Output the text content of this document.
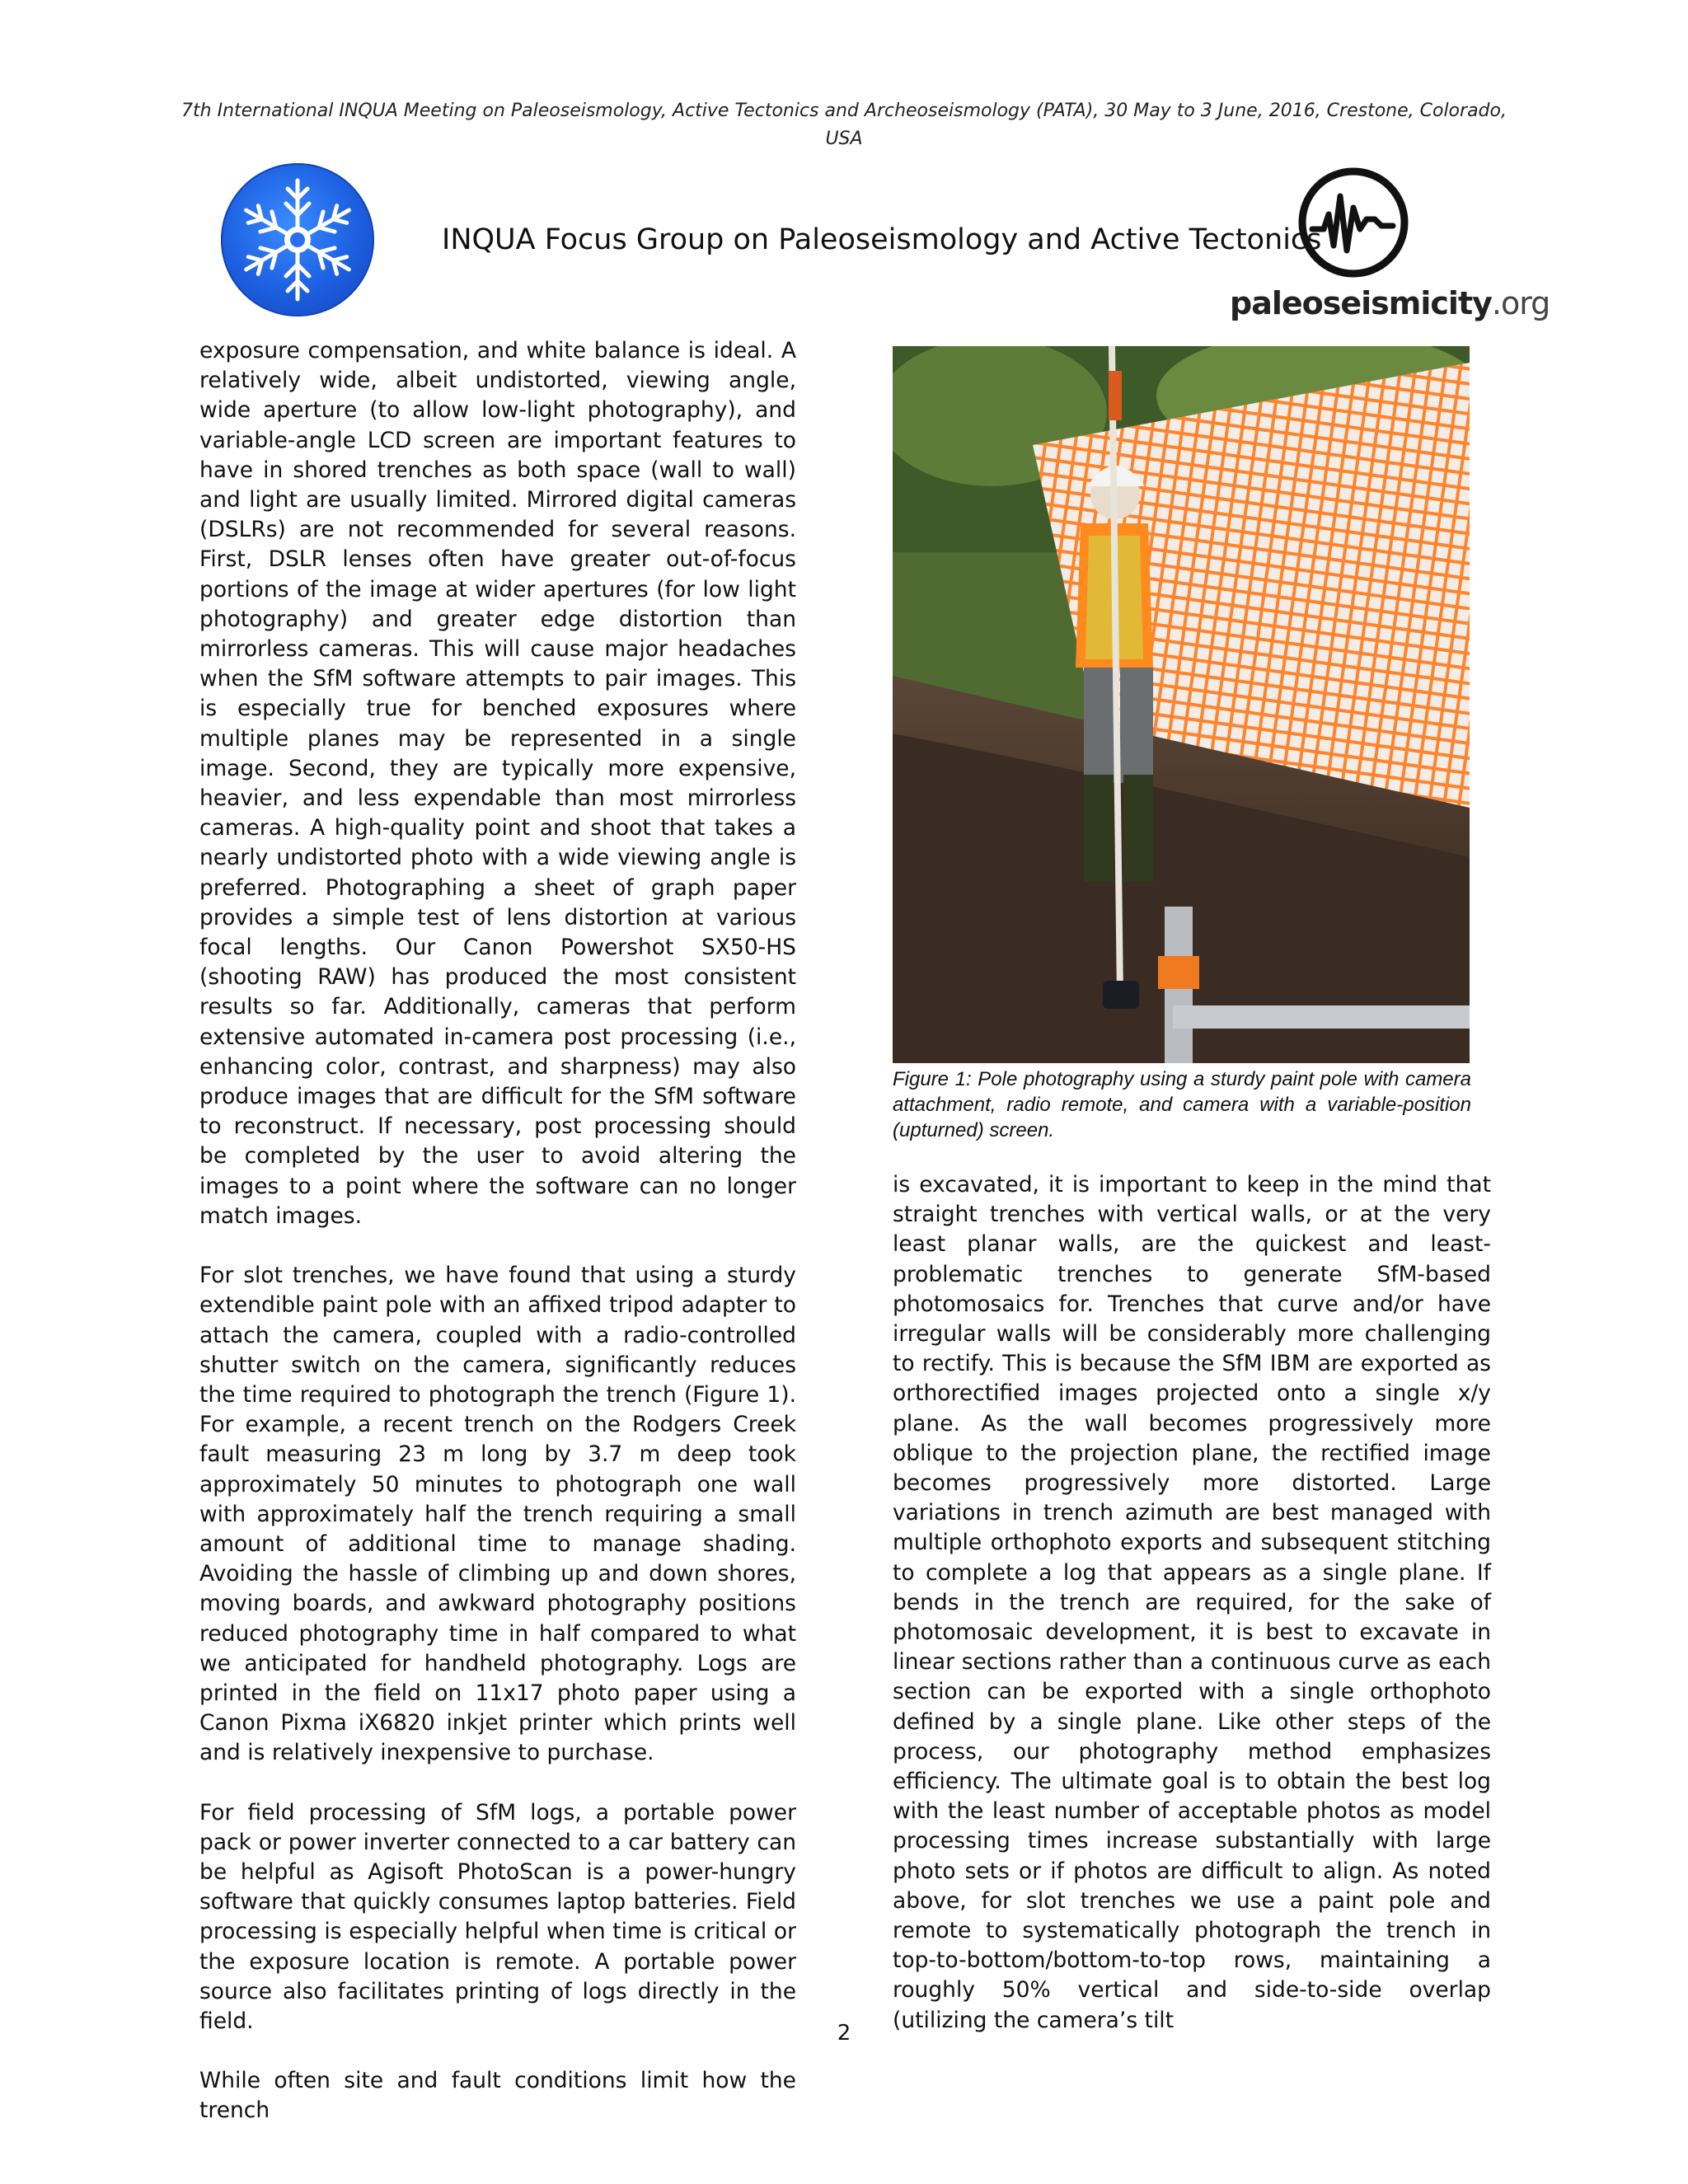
7th International INQUA Meeting on Paleoseismology, Active Tectonics and Archeoseismology (PATA), 30 May to 3 June, 2016, Crestone, Colorado, USA
INQUA Focus Group on Paleoseismology and Active Tectonics
paleoseismicity.org

exposure compensation, and white balance is ideal. A relatively wide, albeit undistorted, viewing angle, wide aperture (to allow low-light photography), and variable-angle LCD screen are important features to have in shored trenches as both space (wall to wall) and light are usually limited. Mirrored digital cameras (DSLRs) are not recommended for several reasons. First, DSLR lenses often have greater out-of-focus portions of the image at wider apertures (for low light photography) and greater edge distortion than mirrorless cameras. This will cause major headaches when the SfM software attempts to pair images. This is especially true for benched exposures where multiple planes may be represented in a single image. Second, they are typically more expensive, heavier, and less expendable than most mirrorless cameras. A high-quality point and shoot that takes a nearly undistorted photo with a wide viewing angle is preferred. Photographing a sheet of graph paper provides a simple test of lens distortion at various focal lengths. Our Canon Powershot SX50-HS (shooting RAW) has produced the most consistent results so far. Additionally, cameras that perform extensive automated in-camera post processing (i.e., enhancing color, contrast, and sharpness) may also produce images that are difficult for the SfM software to reconstruct. If necessary, post processing should be completed by the user to avoid altering the images to a point where the software can no longer match images.

For slot trenches, we have found that using a sturdy extendible paint pole with an affixed tripod adapter to attach the camera, coupled with a radio-controlled shutter switch on the camera, significantly reduces the time required to photograph the trench (Figure 1). For example, a recent trench on the Rodgers Creek fault measuring 23 m long by 3.7 m deep took approximately 50 minutes to photograph one wall with approximately half the trench requiring a small amount of additional time to manage shading. Avoiding the hassle of climbing up and down shores, moving boards, and awkward photography positions reduced photography time in half compared to what we anticipated for handheld photography. Logs are printed in the field on 11x17 photo paper using a Canon Pixma iX6820 inkjet printer which prints well and is relatively inexpensive to purchase.

For field processing of SfM logs, a portable power pack or power inverter connected to a car battery can be helpful as Agisoft PhotoScan is a power-hungry software that quickly consumes laptop batteries. Field processing is especially helpful when time is critical or the exposure location is remote. A portable power source also facilitates printing of logs directly in the field.

While often site and fault conditions limit how the trench

Figure 1: Pole photography using a sturdy paint pole with camera attachment, radio remote, and camera with a variable-position (upturned) screen.

is excavated, it is important to keep in the mind that straight trenches with vertical walls, or at the very least planar walls, are the quickest and least-problematic trenches to generate SfM-based photomosaics for. Trenches that curve and/or have irregular walls will be considerably more challenging to rectify. This is because the SfM IBM are exported as orthorectified images projected onto a single x/y plane. As the wall becomes progressively more oblique to the projection plane, the rectified image becomes progressively more distorted. Large variations in trench azimuth are best managed with multiple orthophoto exports and subsequent stitching to complete a log that appears as a single plane. If bends in the trench are required, for the sake of photomosaic development, it is best to excavate in linear sections rather than a continuous curve as each section can be exported with a single orthophoto defined by a single plane. Like other steps of the process, our photography method emphasizes efficiency. The ultimate goal is to obtain the best log with the least number of acceptable photos as model processing times increase substantially with large photo sets or if photos are difficult to align. As noted above, for slot trenches we use a paint pole and remote to systematically photograph the trench in top-to-bottom/bottom-to-top rows, maintaining a roughly 50% vertical and side-to-side overlap (utilizing the camera’s tilt

2
